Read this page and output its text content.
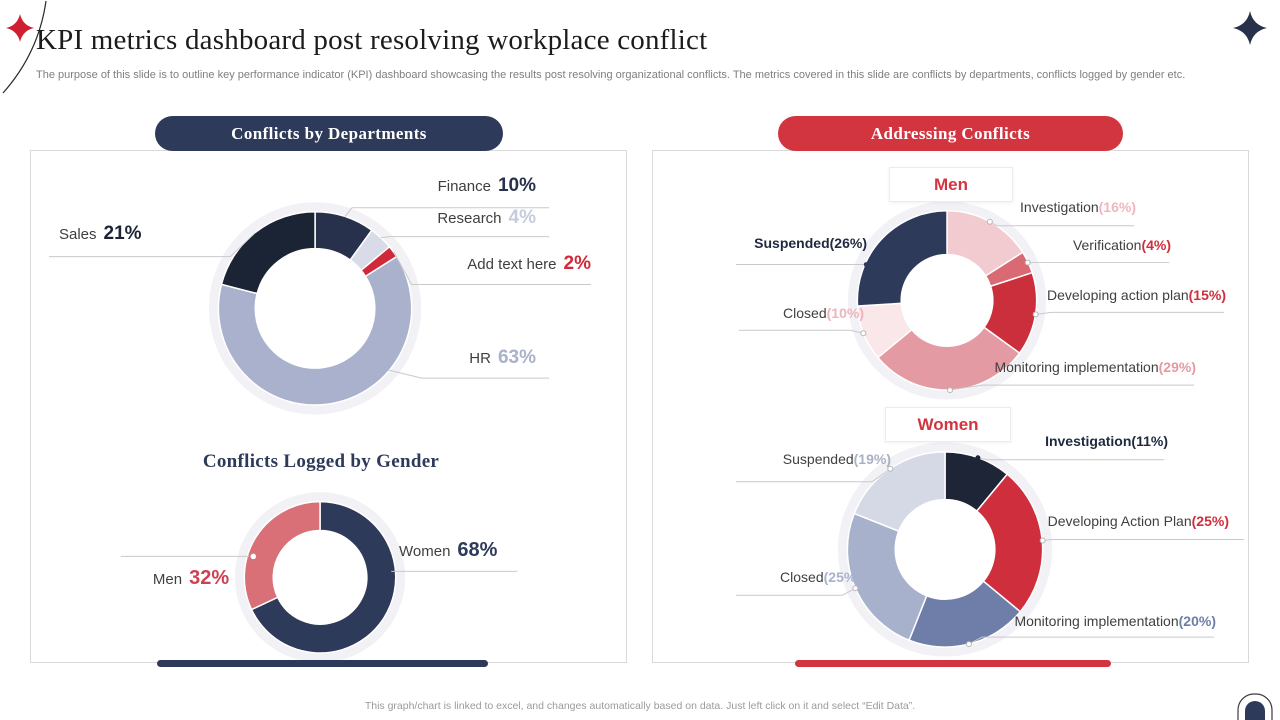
KPI metrics dashboard post resolving workplace conflict
The purpose of this slide is to outline key performance indicator (KPI) dashboard showcasing the results post resolving organizational conflicts. The metrics covered in this slide are conflicts by departments, conflicts logged by gender etc.
Conflicts by Departments	Addressing Conflicts
Finance 10%
Research 4%
Add text here 2%
HR 63%
Sales 21%
Conflicts Logged by Gender
Women 68%
Men 32%
Men
Women
Investigation(16%)
Verification(4%)
Developing action plan(15%)
Monitoring implementation(29%)
Closed(10%)
Suspended(26%)
Investigation(11%)
Developing Action Plan(25%)
Monitoring implementation(20%)
Closed(25%)
Suspended(19%)
This graph/chart is linked to excel, and changes automatically based on data. Just left click on it and select “Edit Data”.
